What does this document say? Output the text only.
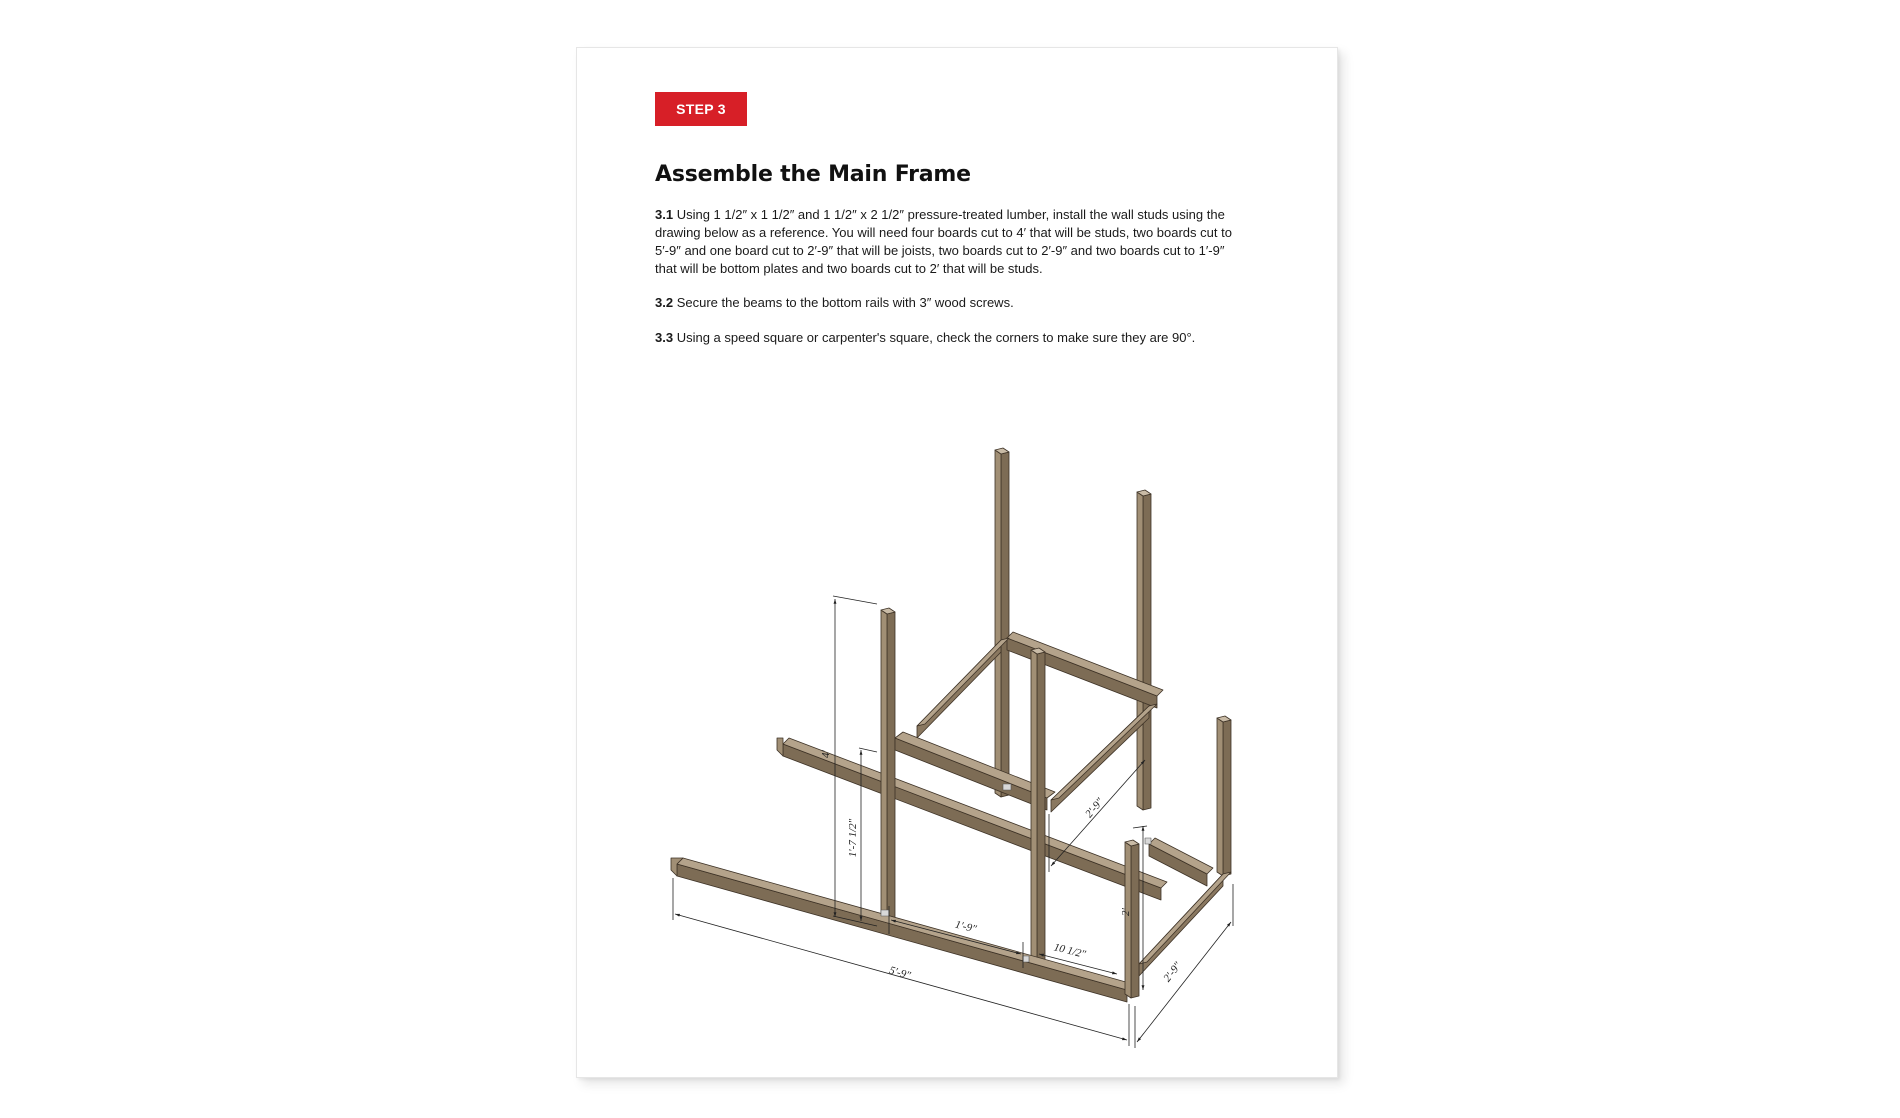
STEP 3
Assemble the Main Frame

3.1 Using 1 1/2″ x 1 1/2″ and 1 1/2″ x 2 1/2″ pressure-treated lumber, install the wall studs using the drawing below as a reference. You will need four boards cut to 4′ that will be studs, two boards cut to 5′-9″ and one board cut to 2′-9″ that will be joists, two boards cut to 2′-9″ and two boards cut to 1′-9″ that will be bottom plates and two boards cut to 2′ that will be studs.

3.2 Secure the beams to the bottom rails with 3″ wood screws.

3.3 Using a speed square or carpenter's square, check the corners to make sure they are 90°.

4′
1′-7 1/2″
1′-9″
10 1/2″
5′-9″	2′-9″
2′-9″
2′
